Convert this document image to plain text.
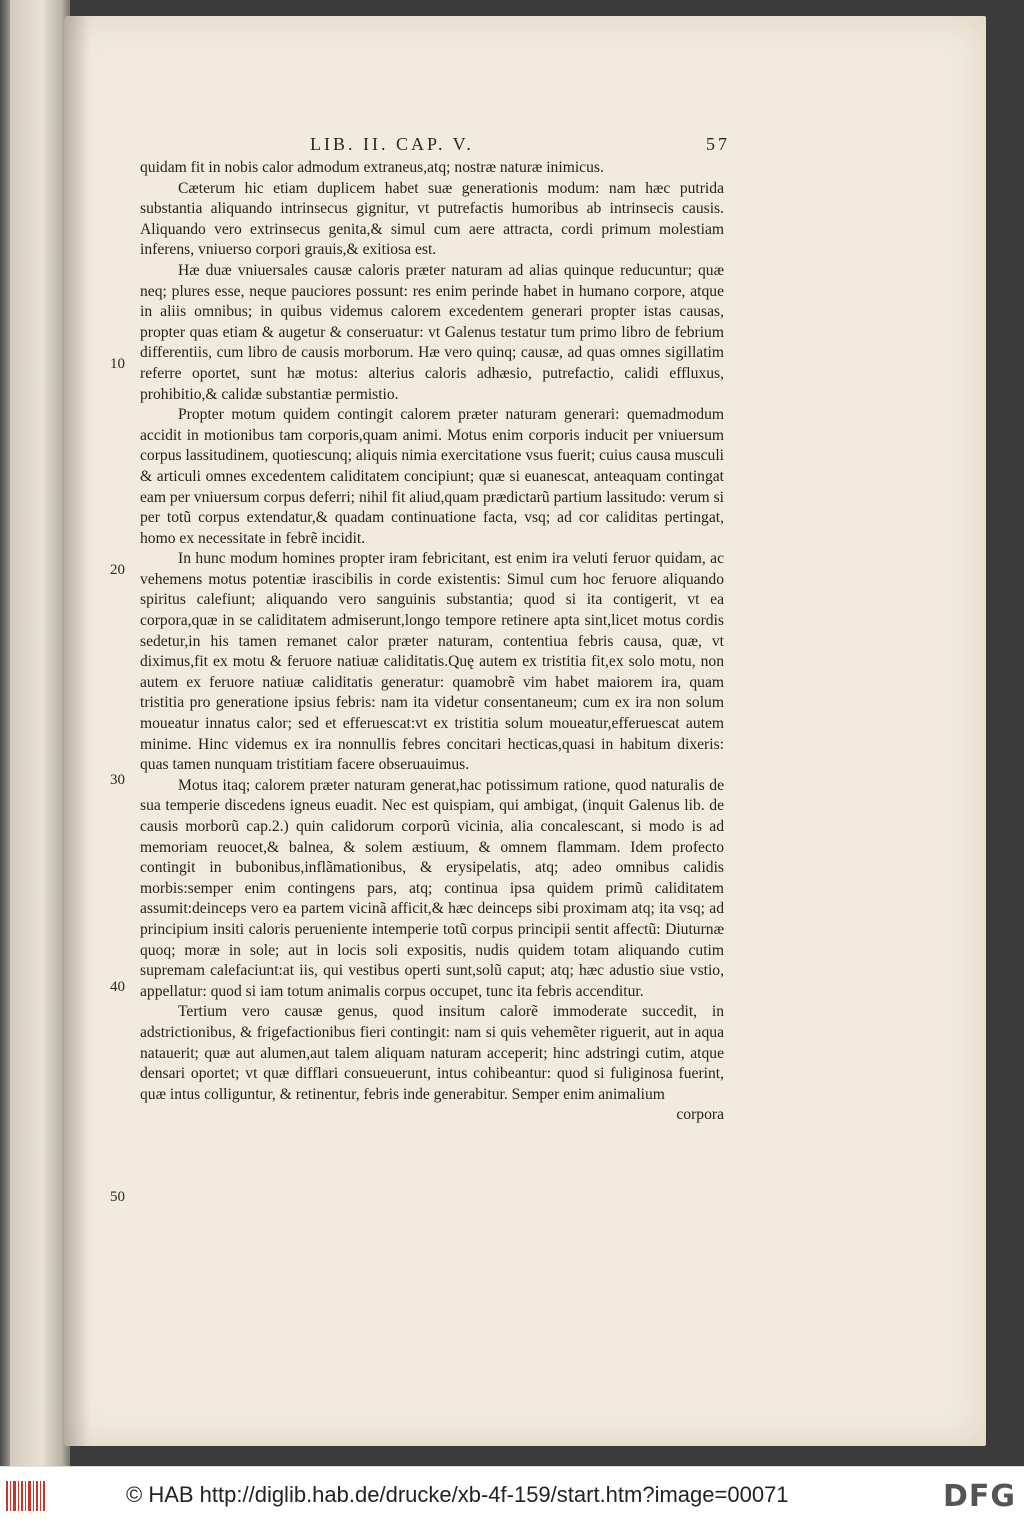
LIB. II. CAP. V.	57
10
20
30
40
50

quidam fit in nobis calor admodum extraneus,atq; nostræ naturæ inimicus.

Cæterum hic etiam duplicem habet suæ generationis modum: nam hæc putrida substantia aliquando intrinsecus gignitur, vt putrefactis humoribus ab intrinsecis causis. Aliquando vero extrinsecus genita,& simul cum aere attracta, cordi primum molestiam inferens, vniuerso corpori grauis,& exitiosa est.

Hæ duæ vniuersales causæ caloris præter naturam ad alias quinque reducuntur; quæ neq; plures esse, neque pauciores possunt: res enim perinde habet in humano corpore, atque in aliis omnibus; in quibus videmus calorem excedentem generari propter istas causas, propter quas etiam & augetur & conseruatur: vt Galenus testatur tum primo libro de febrium differentiis, cum libro de causis morborum. Hæ vero quinq; causæ, ad quas omnes sigillatim referre oportet, sunt hæ motus: alterius caloris adhæsio, putrefactio, calidi effluxus, prohibitio,& calidæ substantiæ permistio.

Propter motum quidem contingit calorem præter naturam generari: quemadmodum accidit in motionibus tam corporis,quam animi. Motus enim corporis inducit per vniuersum corpus lassitudinem, quotiescunq; aliquis nimia exercitatione vsus fuerit; cuius causa musculi & articuli omnes excedentem caliditatem concipiunt; quæ si euanescat, anteaquam contingat eam per vniuersum corpus deferri; nihil fit aliud,quam prædictarũ partium lassitudo: verum si per totũ corpus extendatur,& quadam continuatione facta, vsq; ad cor caliditas pertingat, homo ex necessitate in febrẽ incidit.

In hunc modum homines propter iram febricitant, est enim ira veluti feruor quidam, ac vehemens motus potentiæ irascibilis in corde existentis: Simul cum hoc feruore aliquando spiritus calefiunt; aliquando vero sanguinis substantia; quod si ita contigerit, vt ea corpora,quæ in se caliditatem admiserunt,longo tempore retinere apta sint,licet motus cordis sedetur,in his tamen remanet calor præter naturam, contentiua febris causa, quæ, vt diximus,fit ex motu & feruore natiuæ caliditatis.Quę autem ex tristitia fit,ex solo motu, non autem ex feruore natiuæ caliditatis generatur: quamobrẽ vim habet maiorem ira, quam tristitia pro generatione ipsius febris: nam ita videtur consentaneum; cum ex ira non solum moueatur innatus calor; sed et efferuescat:vt ex tristitia solum moueatur,efferuescat autem minime. Hinc videmus ex ira nonnullis febres concitari hecticas,quasi in habitum dixeris: quas tamen nunquam tristitiam facere obseruauimus.

Motus itaq; calorem præter naturam generat,hac potissimum ratione, quod naturalis de sua temperie discedens igneus euadit. Nec est quispiam, qui ambigat, (inquit Galenus lib. de causis morborũ cap.2.) quin calidorum corporũ vicinia, alia concalescant, si modo is ad memoriam reuocet,& balnea, & solem æstiuum, & omnem flammam. Idem profecto contingit in bubonibus,inflãmationibus, & erysipelatis, atq; adeo omnibus calidis morbis:semper enim contingens pars, atq; continua ipsa quidem primũ caliditatem assumit:deinceps vero ea partem vicinã afficit,& hæc deinceps sibi proximam atq; ita vsq; ad principium insiti caloris perueniente intemperie totũ corpus principii sentit affectũ: Diuturnæ quoq; moræ in sole; aut in locis soli expositis, nudis quidem totam aliquando cutim supremam calefaciunt:at iis, qui vestibus operti sunt,solũ caput; atq; hæc adustio siue vstio, appellatur: quod si iam totum animalis corpus occupet, tunc ita febris accenditur.

Tertium vero causæ genus, quod insitum calorẽ immoderate succedit, in adstrictionibus, & frigefactionibus fieri contingit: nam si quis vehemẽter riguerit, aut in aqua natauerit; quæ aut alumen,aut talem aliquam naturam acceperit; hinc adstringi cutim, atque densari oportet; vt quæ difflari consueuerunt, intus cohibeantur: quod si fuliginosa fuerint, quæ intus colliguntur, & retinentur, febris inde generabitur. Semper enim animalium

corpora

© HAB http://diglib.hab.de/drucke/xb-4f-159/start.htm?image=00071	DFG
